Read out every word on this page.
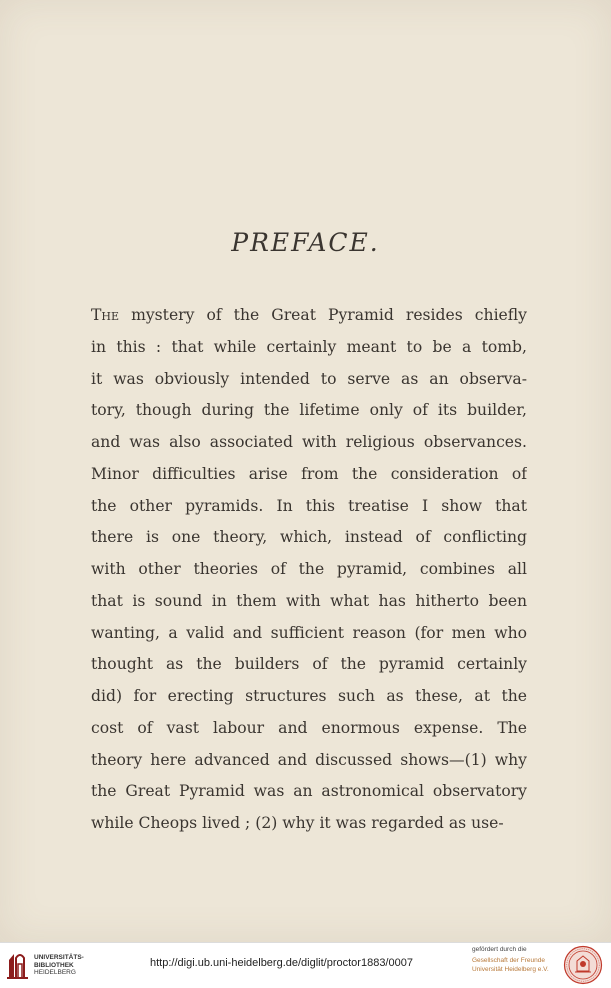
PREFACE.
The mystery of the Great Pyramid resides chiefly
in this : that while certainly meant to be a tomb,
it was obviously intended to serve as an observa-
tory, though during the lifetime only of its builder,
and was also associated with religious observances.
Minor difficulties arise from the consideration of
the other pyramids. In this treatise I show that
there is one theory, which, instead of conflicting
with other theories of the pyramid, combines all
that is sound in them with what has hitherto been
wanting, a valid and sufficient reason (for men who
thought as the builders of the pyramid certainly
did) for erecting structures such as these, at the
cost of vast labour and enormous expense. The
theory here advanced and discussed shows—(1) why
the Great Pyramid was an astronomical observatory
while Cheops lived ; (2) why it was regarded as use-
UNIVERSITÄTS-
BIBLIOTHEK
HEIDELBERG
http://digi.ub.uni-heidelberg.de/diglit/proctor1883/0007
gefördert durch die
Gesellschaft der Freunde
Universität Heidelberg e.V.
